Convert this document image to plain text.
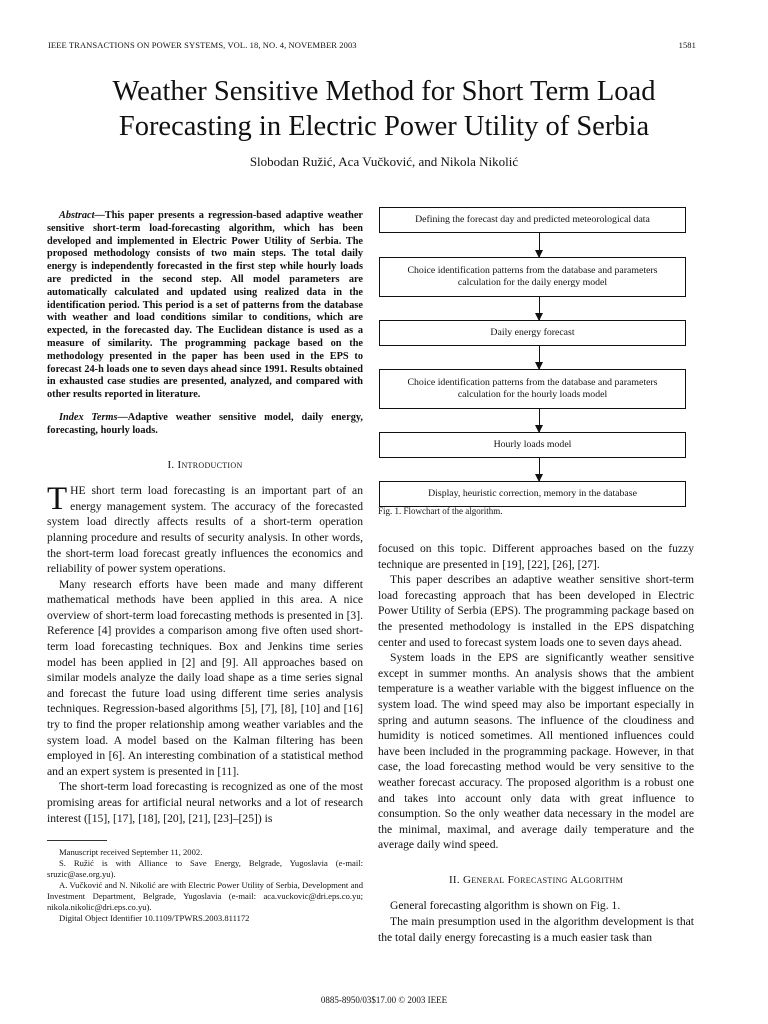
IEEE TRANSACTIONS ON POWER SYSTEMS, VOL. 18, NO. 4, NOVEMBER 2003	1581
Weather Sensitive Method for Short Term Load
Forecasting in Electric Power Utility of Serbia
Slobodan Ružić, Aca Vučković, and Nikola Nikolić

Abstract—This paper presents a regression-based adaptive weather sensitive short-term load-forecasting algorithm, which has been developed and implemented in Electric Power Utility of Serbia. The proposed methodology consists of two main steps. The total daily energy is independently forecasted in the first step while hourly loads are predicted in the second step. All model parameters are automatically calculated and updated using realized data in the identification period. This period is a set of patterns from the database with weather and load conditions similar to conditions, which are expected, in the forecasted day. The Euclidean distance is used as a measure of similarity. The programming package based on the methodology presented in the paper has been used in the EPS to forecast 24-h loads one to seven days ahead since 1991. Results obtained in exhausted case studies are presented, analyzed, and compared with other results reported in literature.

Index Terms—Adaptive weather sensitive model, daily energy, forecasting, hourly loads.

I. Introduction

THE short term load forecasting is an important part of an energy management system. The accuracy of the forecasted system load directly affects results of a short-term operation planning procedure and results of security analysis. In other words, the short-term load forecast greatly influences the economics and reliability of power system operations.

Many research efforts have been made and many different mathematical methods have been applied in this area. A nice overview of short-term load forecasting methods is presented in [3]. Reference [4] provides a comparison among five often used short-term load forecasting techniques. Box and Jenkins time series model has been applied in [2] and [9]. All approaches based on similar models analyze the daily load shape as a time series signal and forecast the future load using different time series analysis techniques. Regression-based algorithms [5], [7], [8], [10] and [16] try to find the proper relationship among weather variables and the system load. A model based on the Kalman filtering has been employed in [6]. An interesting combination of a statistical method and an expert system is presented in [11].

The short-term load forecasting is recognized as one of the most promising areas for artificial neural networks and a lot of research interest ([15], [17], [18], [20], [21], [23]–[25]) is

Manuscript received September 11, 2002.

S. Ružić is with Alliance to Save Energy, Belgrade, Yugoslavia (e-mail: sruzic@ase.org.yu).

A. Vučković and N. Nikolić are with Electric Power Utility of Serbia, Development and Investment Department, Belgrade, Yugoslavia (e-mail: aca.vuckovic@dri.eps.co.yu; nikola.nikolic@dri.eps.co.yu).

Digital Object Identifier 10.1109/TPWRS.2003.811172

Defining the forecast day and predicted meteorological data
Choice identification patterns from the database and parameters calculation for the daily energy model
Daily energy forecast
Choice identification patterns from the database and parameters calculation for the hourly loads model
Hourly loads model
Display, heuristic correction, memory in the database
Fig. 1. Flowchart of the algorithm.

focused on this topic. Different approaches based on the fuzzy technique are presented in [19], [22], [26], [27].

This paper describes an adaptive weather sensitive short-term load forecasting approach that has been developed in Electric Power Utility of Serbia (EPS). The programming package based on the presented methodology is installed in the EPS dispatching center and used to forecast system loads one to seven days ahead.

System loads in the EPS are significantly weather sensitive except in summer months. An analysis shows that the ambient temperature is a weather variable with the biggest influence on the system load. The wind speed may also be important especially in spring and autumn seasons. The influence of the cloudiness and humidity is noticed sometimes. All mentioned influences could have been included in the programming package. However, in that case, the load forecasting method would be very sensitive to the weather forecast accuracy. The proposed algorithm is a robust one and takes into account only data with great influence to consumption. So the only weather data necessary in the model are the minimal, maximal, and average daily temperature and the average daily wind speed.

II. General Forecasting Algorithm

General forecasting algorithm is shown on Fig. 1.

The main presumption used in the algorithm development is that the total daily energy forecasting is a much easier task than

0885-8950/03$17.00 © 2003 IEEE
